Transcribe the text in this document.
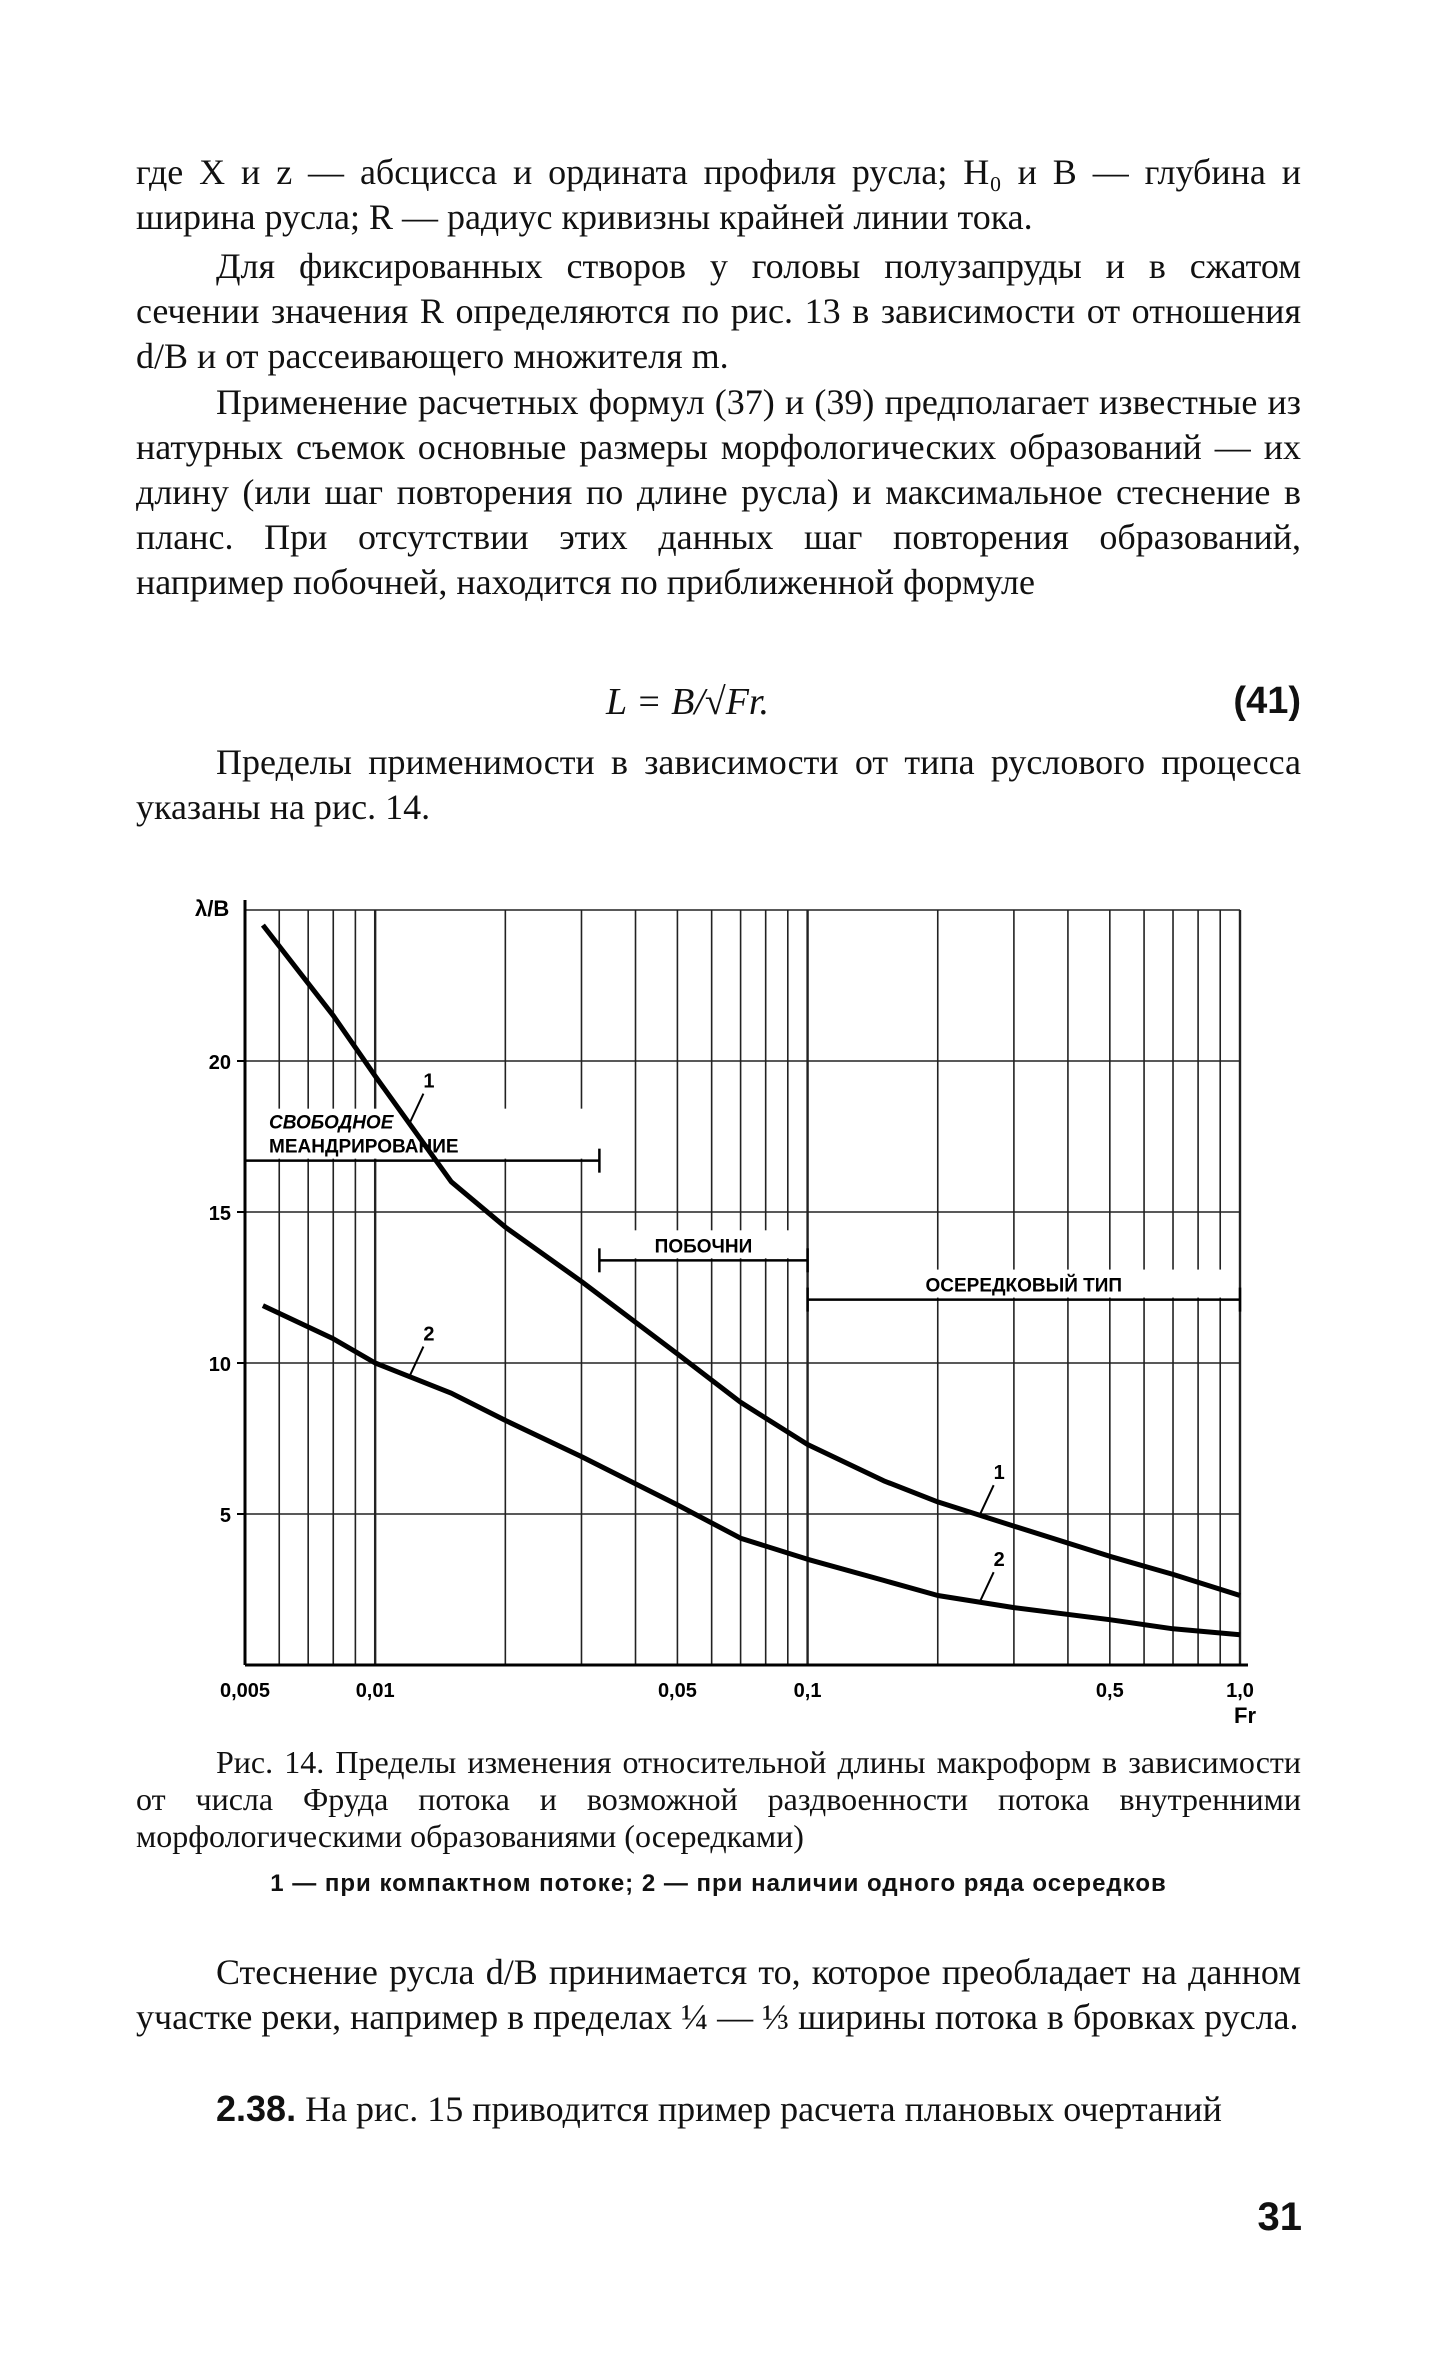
где X и z — абсцисса и ордината профиля русла; H₀ и B — глубина и ширина русла; R — радиус кривизны крайней линии тока.

Для фиксированных створов у головы полузапруды и в сжатом сечении значения R определяются по рис. 13 в зависимости от отношения d/B и от рассеивающего множителя m.

Применение расчетных формул (37) и (39) предполагает известные из натурных съемок основные размеры морфологических образований — их длину (или шаг повторения по длине русла) и максимальное стеснение в планс. При отсутствии этих данных шаг повторения образований, например побочней, находится по приближенной формуле

L = B/√Fr.	(41)

Пределы применимости в зависимости от типа руслового процесса указаны на рис. 14.

5
10
15
20
0,005	0,01	0,05	0,1	0,5	1,0
λ/B
Fr
СВОБОДНОЕ
МЕАНДРИРОВАНИЕ
ПОБОЧНИ
ОСЕРЕДКОВЫЙ ТИП
1
2
1
2

Рис. 14. Пределы изменения относительной длины макроформ в зависимости от числа Фруда потока и возможной раздвоенности потока внутренними морфологическими образованиями (осередками)

1 — при компактном потоке; 2 — при наличии одного ряда осередков

Стеснение русла d/B принимается то, которое преобладает на данном участке реки, например в пределах ¼ — ⅓ ширины потока в бровках русла.

2.38. На рис. 15 приводится пример расчета плановых очертаний

31
